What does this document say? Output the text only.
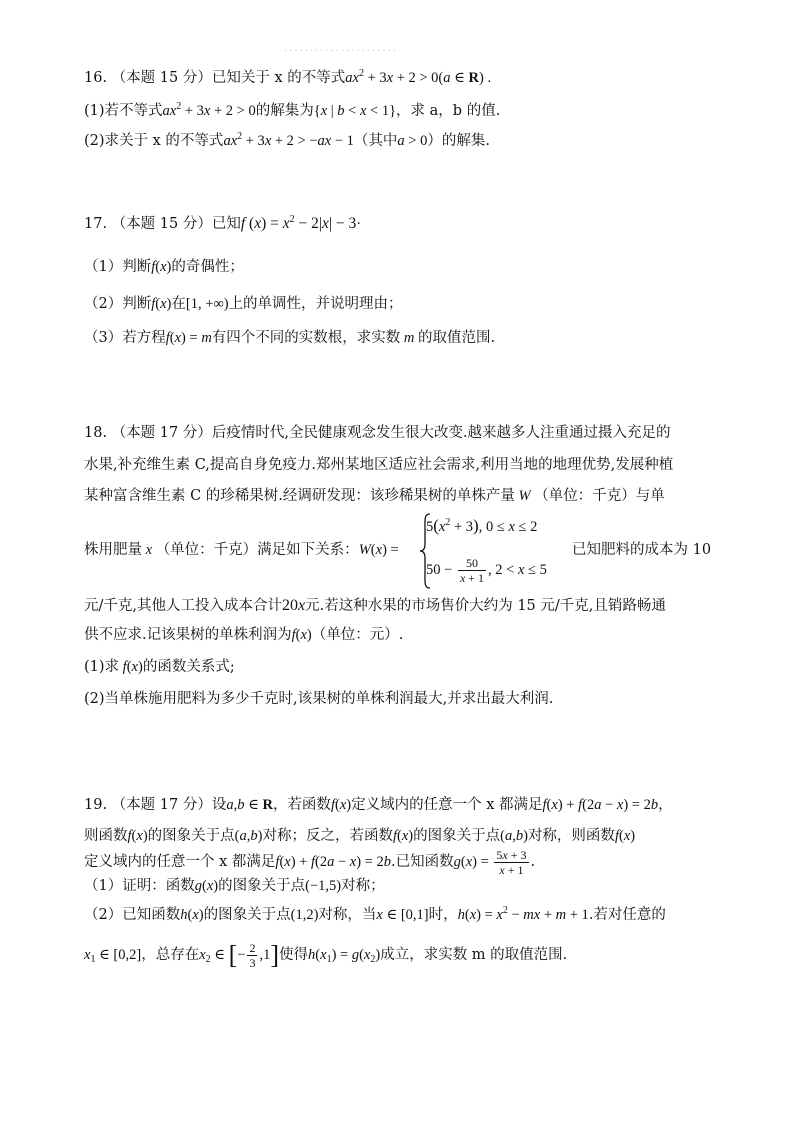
······················
16. （本题 15 分）已知关于 x 的不等式$ax^2 + 3x + 2 > 0(a$ ∈ R) .
(1)若不等式$ax^2 + 3x + 2 > 0$的解集为{x | b < x < 1}，求 a，b 的值.
(2)求关于 x 的不等式$ax^2 + 3x + 2 > -ax - 1$（其中a > 0）的解集.
17. （本题 15 分）已知f $(x) = x^2 - 2|x| - 3\cdot$
（1）判断f(x)的奇偶性；
（2）判断f(x)在[1, +∞)上的单调性，并说明理由；
（3）若方程f(x) = m有四个不同的实数根，求实数 m 的取值范围.
18. （本题 17 分）后疫情时代,全民健康观念发生很大改变.越来越多人注重通过摄入充足的
水果,补充维生素 C,提高自身免疫力.郑州某地区适应社会需求,利用当地的地理优势,发展种植
某种富含维生素 C 的珍稀果树.经调研发现：该珍稀果树的单株产量 W （单位：千克）与单
株用肥量 x （单位：千克）满足如下关系：W(x) =
$5(x^2 + 3)$, 0 ≤ x ≤ 2
$50 - \frac{50}{x + 1}$ , 2 < x ≤ 5
已知肥料的成本为 10
元/千克,其他人工投入成本合计20x元.若这种水果的市场售价大约为 15 元/千克,且销路畅通
供不应求.记该果树的单株利润为f(x)（单位：元）.
(1)求 f(x)的函数关系式;
(2)当单株施用肥料为多少千克时,该果树的单株利润最大,并求出最大利润.
19. （本题 17 分）设a,b ∈ R，若函数f(x)定义域内的任意一个 x 都满足f(x) + f(2a − x) = 2b，
则函数f(x)的图象关于点(a,b)对称；反之，若函数f(x)的图象关于点(a,b)对称，则函数f(x)
定义域内的任意一个 x 都满足f(x) + f(2a − x) = 2b.已知函数$g(x) = \frac{5x + 3}{x + 1}$ .
（1）证明：函数g(x)的图象关于点(−1,5)对称；
（2）已知函数h(x)的图象关于点(1,2)对称，当x ∈ [0,1]时，$h(x) = x^2$ − mx + m + 1.若对任意的
$x_1$ ∈ [0,2]，总存在$x_2$ ∈ [− $\frac{2}{3} ,1$]使得$h(x_1) = g(x_2)$成立，求实数 m 的取值范围.
